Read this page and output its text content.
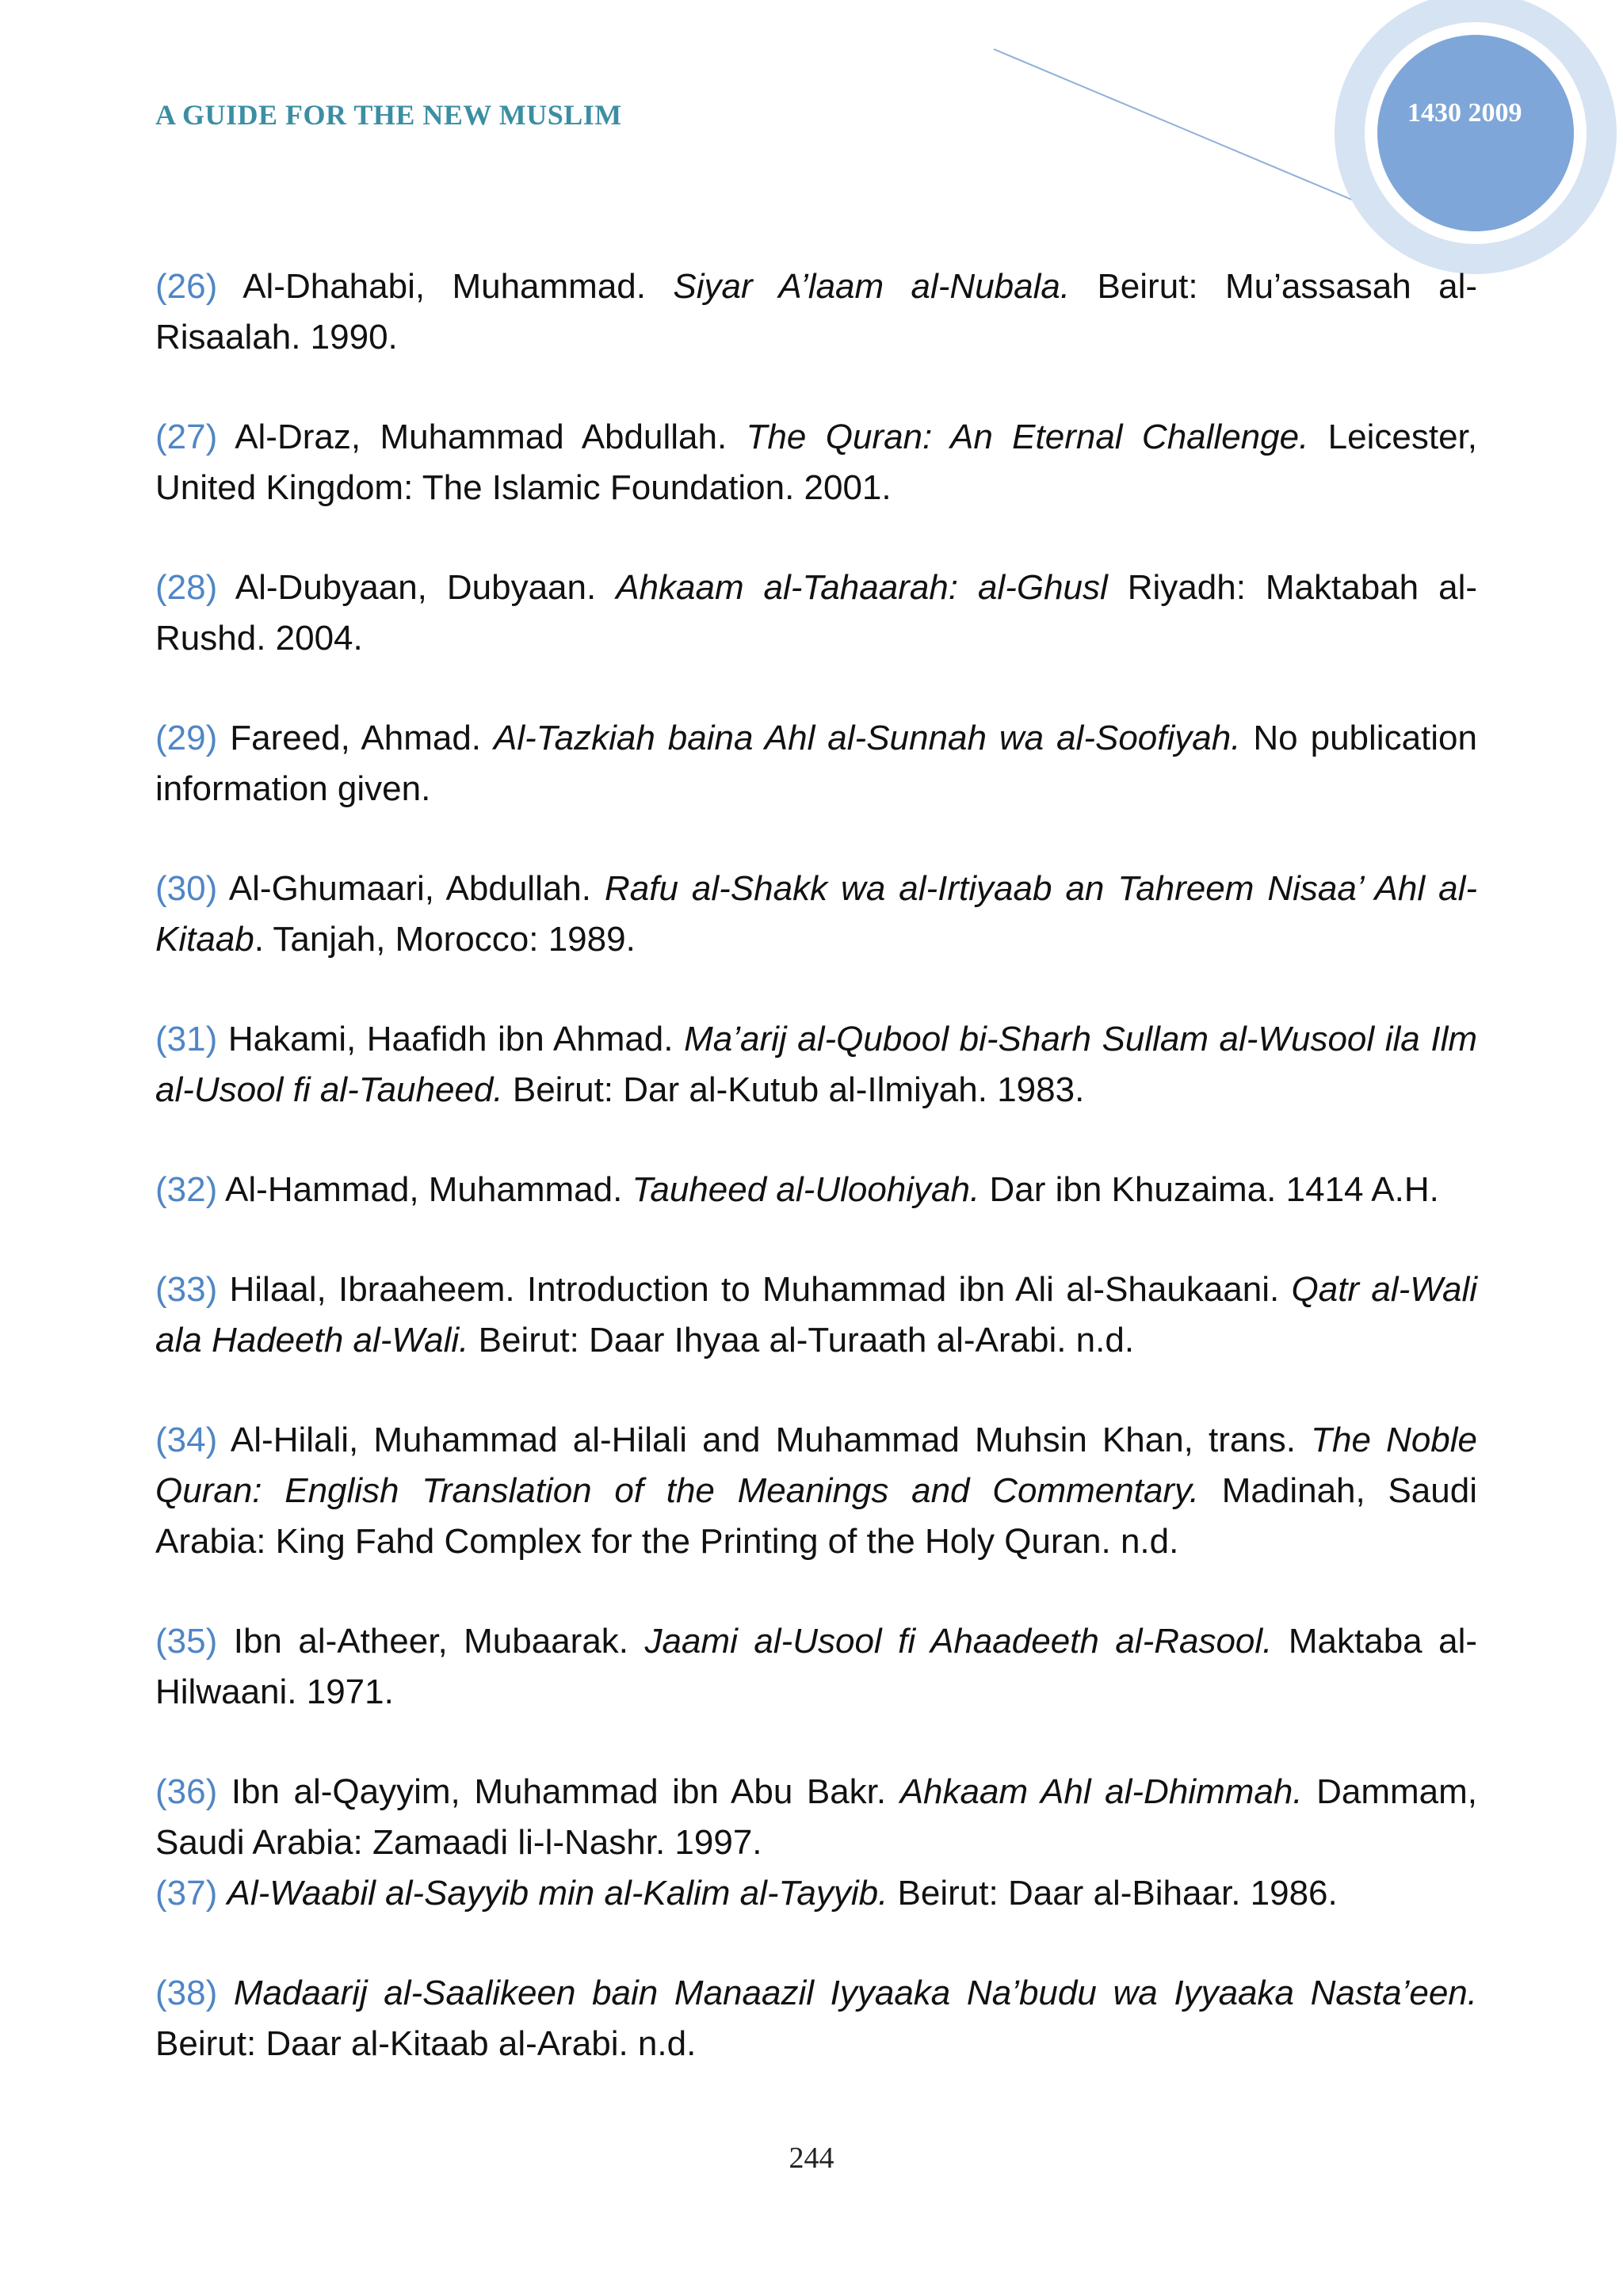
A GUIDE FOR THE NEW MUSLIM	1430 2009

(26) Al-Dhahabi, Muhammad. Siyar A’laam al-Nubala. Beirut: Mu’assasah al-Risaalah. 1990.

(27) Al-Draz, Muhammad Abdullah. The Quran: An Eternal Challenge. Leicester, United Kingdom: The Islamic Foundation. 2001.

(28) Al-Dubyaan, Dubyaan. Ahkaam al-Tahaarah: al-Ghusl Riyadh: Maktabah al-Rushd. 2004.

(29) Fareed, Ahmad. Al-Tazkiah baina Ahl al-Sunnah wa al-Soofiyah. No publication information given.

(30) Al-Ghumaari, Abdullah. Rafu al-Shakk wa al-Irtiyaab an Tahreem Nisaa’ Ahl al-Kitaab. Tanjah, Morocco: 1989.

(31) Hakami, Haafidh ibn Ahmad. Ma’arij al-Qubool bi-Sharh Sullam al-Wusool ila Ilm al-Usool fi al-Tauheed. Beirut: Dar al-Kutub al-Ilmiyah. 1983.

(32) Al-Hammad, Muhammad. Tauheed al-Uloohiyah. Dar ibn Khuzaima. 1414 A.H.

(33) Hilaal, Ibraaheem. Introduction to Muhammad ibn Ali al-Shaukaani. Qatr al-Wali ala Hadeeth al-Wali. Beirut: Daar Ihyaa al-Turaath al-Arabi. n.d.

(34) Al-Hilali, Muhammad al-Hilali and Muhammad Muhsin Khan, trans. The Noble Quran: English Translation of the Meanings and Commentary. Madinah, Saudi Arabia: King Fahd Complex for the Printing of the Holy Quran. n.d.

(35) Ibn al-Atheer, Mubaarak. Jaami al-Usool fi Ahaadeeth al-Rasool. Maktaba al-Hilwaani. 1971.

(36) Ibn al-Qayyim, Muhammad ibn Abu Bakr. Ahkaam Ahl al-Dhimmah. Dammam, Saudi Arabia: Zamaadi li-l-Nashr. 1997.

(37) Al-Waabil al-Sayyib min al-Kalim al-Tayyib. Beirut: Daar al-Bihaar. 1986.

(38) Madaarij al-Saalikeen bain Manaazil Iyyaaka Na’budu wa Iyyaaka Nasta’een. Beirut: Daar al-Kitaab al-Arabi. n.d.

244
